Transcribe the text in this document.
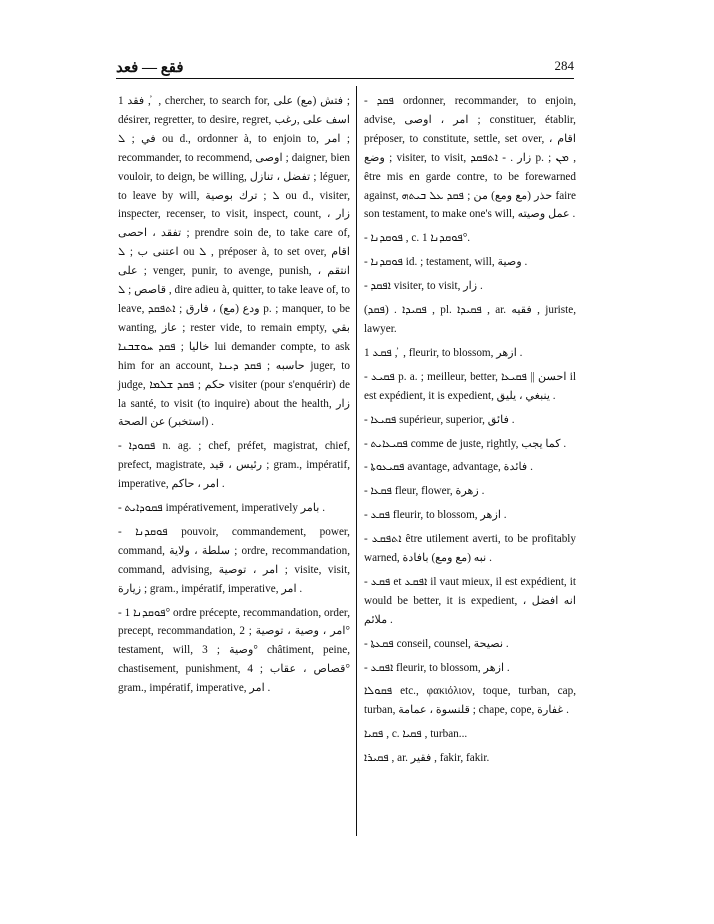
فقع — فعد	284

1 فقد , ̓ , chercher, to search for, فتش (مع) على ; désirer, regretter, to desire, regret, اسف على ,رغب في ; ܠ ou d., ordonner à, to enjoin to, امر ; recommander, to recommend, اوصى ; daigner, bien vouloir, to deign, be willing, تفضل ، تنازل ; léguer, to leave by will, ܠ ; ترك بوصية ou d., visiter, inspecter, recenser, to visit, inspect, count, زار ، تفقد ، احصى ; prendre soin de, to take care of, اعتنى ب ; ܠ ou ܠ , préposer à, to set over, اقام على ; venger, punir, to avenge, punish, انتقم ، قاصص ; ܠ , dire adieu à, quitter, to take leave of, to leave, ودع (مع) ، فارق ; ܐܬܦܩܕ p. ; manquer, to be wanting, عاز ; rester vide, to remain empty, بقي خاليا ; ܦܩܕ ܚܘܫܒܢܐ lui demander compte, to ask him for an account, حاسبه ; ܦܩܕ ܕܝܢܐ juger, to judge, حكم ; ܦܩܕ ܫܠܡܐ visiter (pour s'enquérir) de la santé, to visit (to inquire) about the health, زار (استخبر) عن الصحة .

- ܦܩܘܕܐ n. ag. ; chef, préfet, magistrat, chief, prefect, magistrate, رئيس ، قيد ; gram., impératif, imperative, امر ، حاكم .

- ܦܩܘܕܐܝܬ impérativement, imperatively بامر .

- ܦܘܩܕܢܐ pouvoir, commandement, power, command, سلطة ، ولاية ; ordre, recommandation, command, advising, امر ، توصية ; visite, visit, زيارة ; gram., impératif, imperative, امر .

- ܦܘܩܕܢܐ 1° ordre précepte, recommandation, order, precept, recommandation, امر ، وصية ، توصية ; 2° testament, will, وصية ; 3° châtiment, peine, chastisement, punishment, قصاص ، عقاب ; 4° gram., impératif, imperative, امر .

- ܦܩܕ ordonner, recommander, to enjoin, advise, امر ، اوصى ; constituer, établir, préposer, to constitute, settle, set over, اقام ، وضع ; visiter, to visit, زار . - ܐܬܦܩܕ p. ; ܡܢ , être mis en garde contre, to be forewarned against, حذر (مع ومع) من ; ܦܩܕ ܥܠ ܒܝܬܗ faire son testament, to make one's will, عمل وصيته .

- ܦܘܩܕܢܐ , c. ܦܘܩܕܢܐ 1°.

- ܦܘܩܕܢܐ id. ; testament, will, وصية .

- ܐܦܩܕ visiter, to visit, زار .

(ܦܩܕ) . ܦܩܝܕܐ , pl. ܦܩܝܕܐ , ar. فقيه , juriste, lawyer.

1 ܦܩܥ , ̓ , fleurir, to blossom, ازهر .

- ܦܩܝܥ p. a. ; meilleur, better, احسن || ܦܩܝܥܐ il est expédient, it is expedient, ينبغي ، يليق .

- ܦܩܝܥܐ supérieur, superior, فائق .

- ܦܩܝܥܐܝܬ comme de juste, rightly, كما يجب .

- ܦܩܝܥܘܬܐ avantage, advantage, فائدة .

- ܦܩܥܐ fleur, flower, زهرة .

- ܦܩܥ fleurir, to blossom, ازهر .

- ܐܬܦܩܥ être utilement averti, to be profitably warned, نبه (مع ومع) بافادة .

- ܦܩܥ et ܐܦܩܥ il vaut mieux, il est expédient, it would be better, it is expedient, انه افضل ، ملائم .

- ܦܩܥܬܐ conseil, counsel, نصيحة .

- ܐܦܩܥ fleurir, to blossom, ازهر .

ܦܩܘܠܐ etc., φακιόλιον, toque, turban, cap, turban, قلنسوة ، عمامة ; chape, cope, غفارة .

ܦܩܝܐ , c. ܦܩܝܐ , turban...

ܦܩܝܪܐ , ar. فقير , fakir, fakir.
